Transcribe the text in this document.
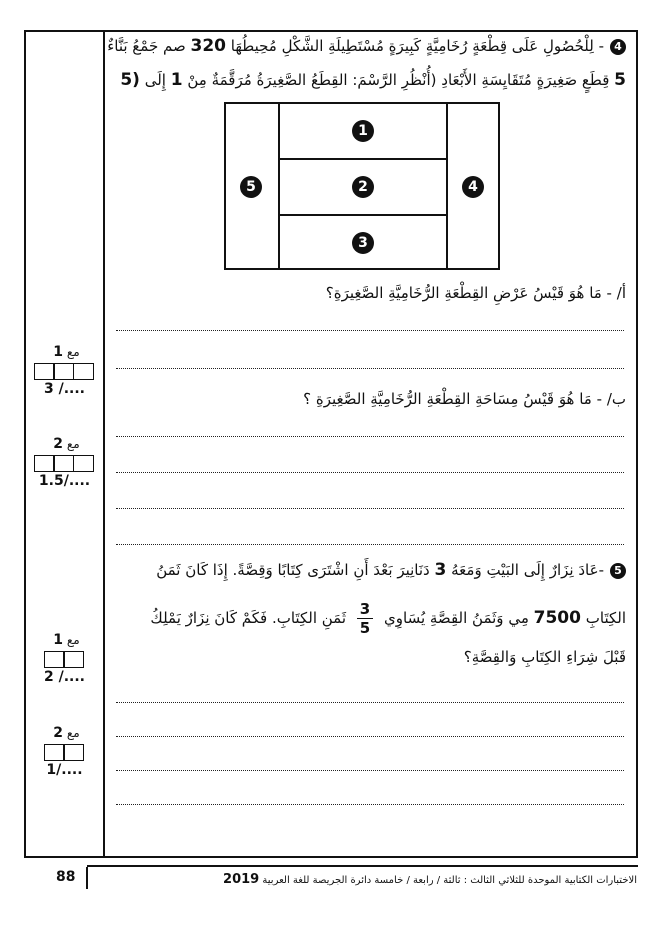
مع 1
3 /....
مع 2
1.5/....
مع 1
2 /....
مع 2
1/....
4- لِلْحُصُولِ عَلَى قِطْعَةٍ رُخَامِيَّةٍ كَبِيرَةٍ مُسْتَطِيلَةِ الشَّكْلِ مُحِيطُهَا 320 صم جَمْعُ بَنَّاءٌ
5 قِطَعٍ صَغِيرَةٍ مُتَقَايِسَةِ الأَبْعَادِ (أُنْظُرِ الرَّسْمَ: القِطَعُ الصَّغِيرَةُ مُرَقَّمَةٌ مِنْ 1 إِلَى 5)
أ/ - مَا هُوَ قَيْسُ عَرْضِ القِطْعَةِ الرُّخَامِيَّةِ الصَّغِيرَةِ؟
ب/ - مَا هُوَ قَيْسُ مِسَاحَةِ القِطْعَةِ الرُّخَامِيَّةِ الصَّغِيرَةِ ؟
5-عَادَ نِزَارٌ إِلَى البَيْتِ وَمَعَهُ 3 دَنَانِيرَ بَعْدَ أَنِ اشْتَرَى كِتَابًا وَقِصَّةً. إِذَا كَانَ ثَمَنُ
الكِتَابِ 7500 مِي وَثَمَنُ القِصَّةِ يُسَاوِي
$\frac{3}{5}$
ثَمَنِ الكِتَابِ. فَكَمْ كَانَ نِزَارٌ يَمْلِكُ
قَبْلَ شِرَاءِ الكِتَابِ وَالقِصَّةِ؟
1
2
3
4
5
88	الاختبارات الكتابية الموحدة للثلاثي الثالث : ثالثة / رابعة / خامسة دائرة الجريصة للغة العربية 2019
